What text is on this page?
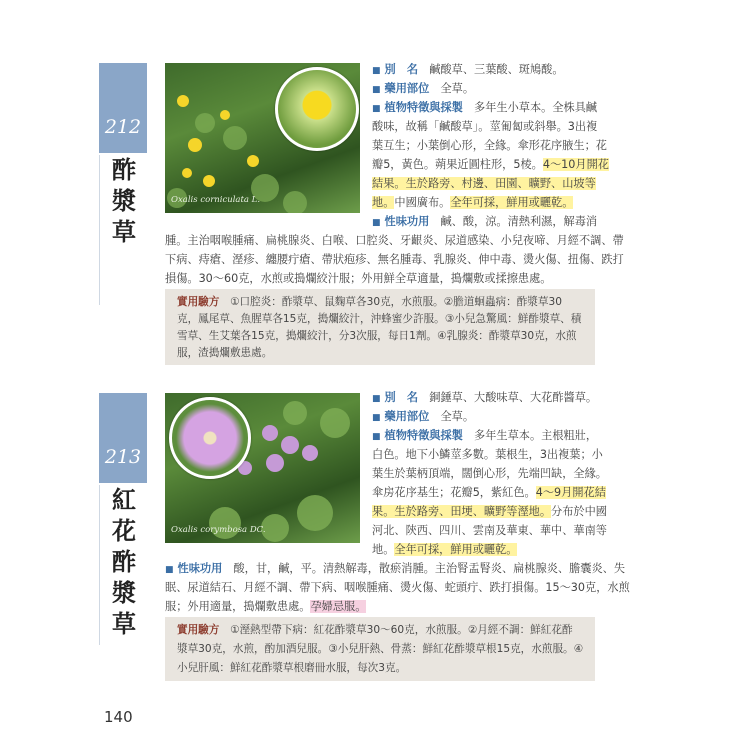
212
酢
漿
草
Oxalis corniculata L.
■ 別　名　鹹酸草、三葉酸、斑鳩酸。
■ 藥用部位　全草。
■ 植物特徵與採製　多年生小草本。全株具鹹
酸味，故稱「鹹酸草」。莖匍匐或斜舉。3出複
葉互生；小葉倒心形，全緣。傘形花序腋生；花
瓣5，黃色。蒴果近圓柱形，5棱。4～10月開花
結果。生於路旁、村邊、田園、曠野、山坡等
地。中國廣布。全年可採，鮮用或曬乾。
■ 性味功用　鹹、酸，涼。清熱利濕，解毒消
腫。主治咽喉腫痛、扁桃腺炎、白喉、口腔炎、牙齦炎、尿道感染、小兒夜啼、月經不調、帶
下病、痔瘡、溼疹、纏腰疔瘡、帶狀疱疹、無名腫毒、乳腺炎、伸中毒、燙火傷、扭傷、跌打
損傷。30～60克，水煎或搗爛絞汁服；外用鮮全草適量，搗爛敷或揉擦患處。
實用驗方　 ①口腔炎：酢漿草、鼠麴草各30克，水煎服。②膽道蛔蟲病：酢漿草30
克，鳳尾草、魚腥草各15克，搗爛絞汁，沖蜂蜜少許服。③小兒急驚風：鮮酢漿草、積
雪草、生艾葉各15克，搗爛絞汁，分3次服，每日1劑。④乳腺炎：酢漿草30克，水煎
服，渣搗爛敷患處。
213
紅
花
酢
漿
草
Oxalis corymbosa DC.
■ 別　名　銅錘草、大酸味草、大花酢醬草。
■ 藥用部位　全草。
■ 植物特徵與採製　多年生草本。主根粗壯，
白色。地下小鱗莖多數。葉根生，3出複葉；小
葉生於葉柄頂端，闊倒心形，先端凹缺，全緣。
傘房花序基生；花瓣5，紫紅色。4～9月開花結
果。生於路旁、田埂、曠野等溼地。分布於中國
河北、陝西、四川、雲南及華東、華中、華南等
地。全年可採，鮮用或曬乾。
■ 性味功用　酸，甘，鹹，平。清熱解毒，散瘀消腫。主治腎盂腎炎、扁桃腺炎、膽囊炎、失
眠、尿道結石、月經不調、帶下病、咽喉腫痛、燙火傷、蛇頭疔、跌打損傷。15～30克，水煎
服；外用適量，搗爛敷患處。孕婦忌服。
實用驗方　 ①溼熱型帶下病：紅花酢漿草30～60克，水煎服。②月經不調：鮮紅花酢
漿草30克，水煎，酌加酒兒服。③小兒肝熱、骨蒸：鮮紅花酢漿草根15克，水煎服。④
小兒肝風：鮮紅花酢漿草根磨冊水服，每次3克。
140
